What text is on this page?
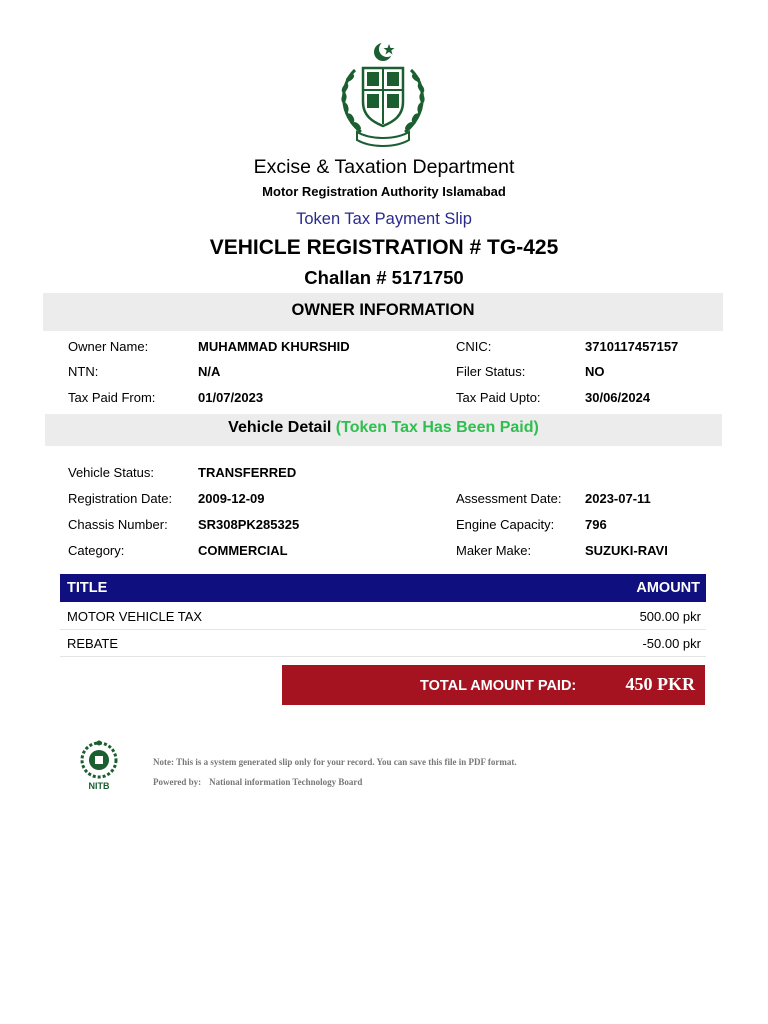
Excise & Taxation Department
Motor Registration Authority Islamabad
Token Tax Payment Slip
VEHICLE REGISTRATION # TG-425
Challan # 5171750
OWNER INFORMATION
Owner Name:	MUHAMMAD KHURSHID	CNIC:	3710117457157
NTN:	N/A	Filer Status:	NO
Tax Paid From:	01/07/2023	Tax Paid Upto:	30/06/2024
Vehicle Detail (Token Tax Has Been Paid)
Vehicle Status:	TRANSFERRED
Registration Date: 2009-12-09	Assessment Date: 2023-07-11
Chassis Number: SR308PK285325	Engine Capacity: 796
Category:	COMMERCIAL	Maker Make:	SUZUKI-RAVI
TITLE	AMOUNT
MOTOR VEHICLE TAX	500.00 pkr
REBATE	-50.00 pkr
TOTAL AMOUNT PAID:	450 PKR
NITB
Note: This is a system generated slip only for your record. You can save this file in PDF format.
Powered by: National information Technology Board
